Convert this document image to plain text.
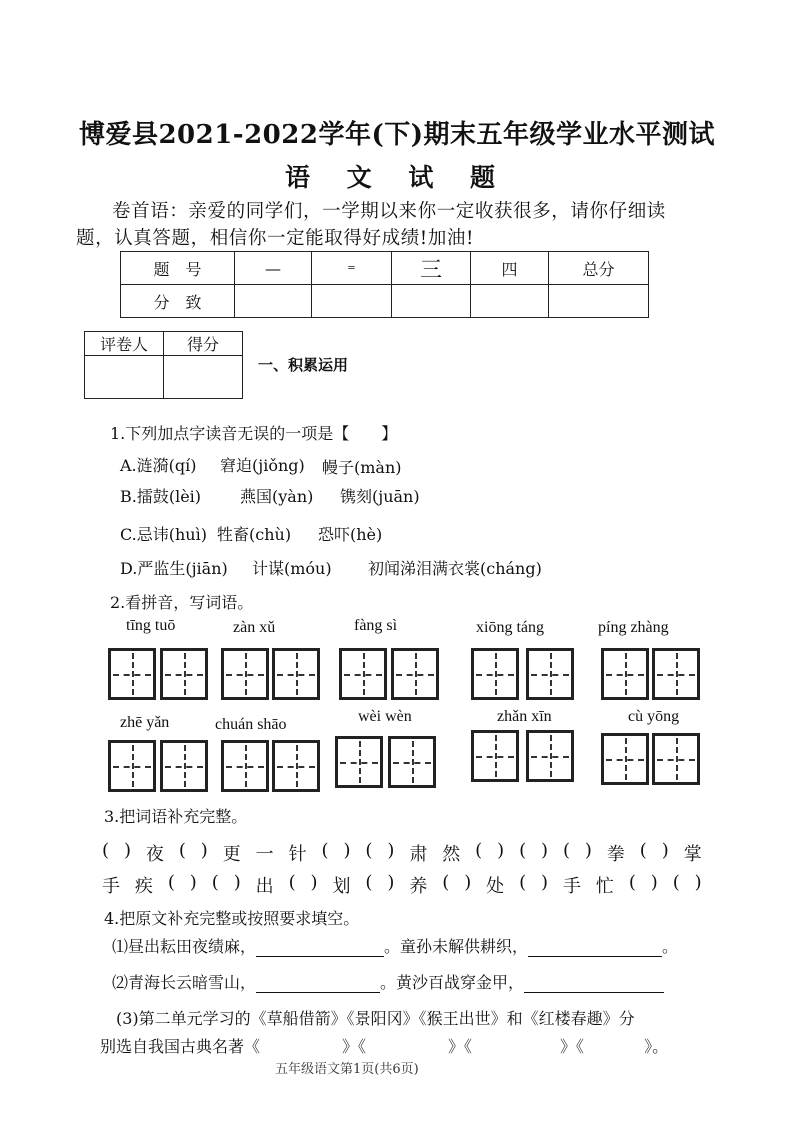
博爱县2021-2022学年(下)期末五年级学业水平测试
语 文 试 题
卷首语：亲爱的同学们，一学期以来你一定收获很多，请你仔细读
题，认真答题，相信你一定能取得好成绩!加油!
题　号	—	=	三	四	总分
分　致					
评卷人	得分

一、积累运用
1.下列加点字读音无误的一项是【　　】
A.涟漪(qí) 窘迫(jiǒng) 幔子(màn)
B.擂鼓(lèi) 燕国(yàn) 镌刻(juān)
C.忌讳(huì) 牲畜(chù) 恐吓(hè)
D.严监生(jiān) 计谋(móu) 初闻涕泪满衣裳(cháng)
2.看拼音，写词语。
tīng tuō	zàn xǔ	fàng sì	xiōng táng	píng zhàng
zhē yǎn	chuán shāo	wèi wèn	zhǎn xīn	cù yōng
3.把词语补充完整。
( ) 夜 ( ) 更 一 针 ( ) ( ) 肃 然 ( ) ( ) ( ) 拳 ( ) 掌
手 疾 ( ) ( ) 出 ( ) 划 ( ) 养 ( ) 处 ( ) 手 忙 ( ) ( )
4.把原文补充完整或按照要求填空。
⑴昼出耘田夜绩麻，	。童孙未解供耕织，	。
⑵青海长云暗雪山，	。黄沙百战穿金甲，
(3)第二单元学习的《草船借箭》《景阳冈》《猴王出世》和《红楼春趣》分
别选自我国古典名著《	》《	》《	》《	》。
五年级语文第1页(共6页)
